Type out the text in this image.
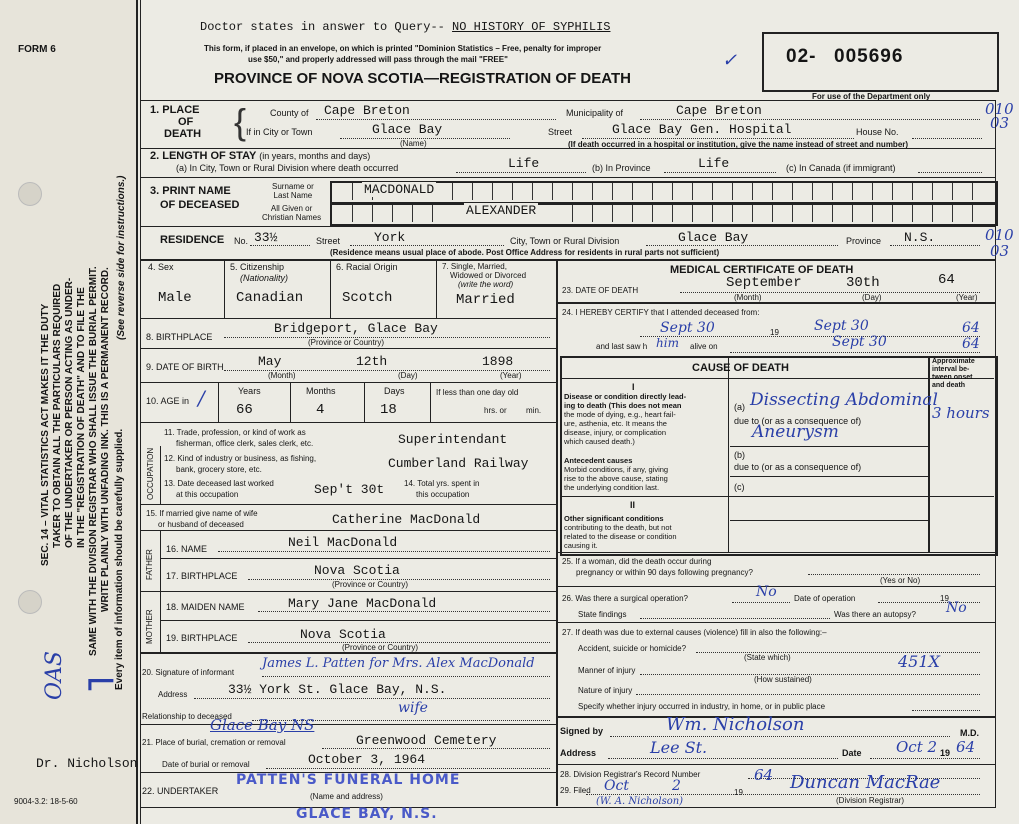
FORM 6
Doctor states in answer to Query-- NO HISTORY OF SYPHILIS
This form, if placed in an envelope, on which is printed "Dominion Statistics – Free, penalty for improper
use $50," and properly addressed will pass through the mail "FREE"
PROVINCE OF NOVA SCOTIA—REGISTRATION OF DEATH
✓	02- 005696
For use of the Department only
010
03
SEC. 14 – VITAL STATISTICS ACT MAKES IT THE DUTY TAKER TO OBTAIN ALL THE PARTICULARS REQUIRED OF THE UNDERTAKER OR PERSON ACTING AS UNDER- IN THE "REGISTRATION OF DEATH" AND TO FILE THE SAME WITH THE DIVISION REGISTRAR WHO SHALL ISSUE THE BURIAL PERMIT. WRITE PLAINLY WITH UNFADING INK. THIS IS A PERMANENT RECORD. Every item of information should be carefully supplied.
(See reverse side for instructions.)
OAS ⌐
Dr. Nicholson
9004-3.2: 18-5-60
1. PLACE
OF
DEATH {	County of Cape Breton	Municipality of	Cape Breton
If in City or Town	Glace Bay
(Name)
Street	Glace Bay Gen. Hospital	House No.
(If death occurred in a hospital or institution, give the name instead of street and number)
2. LENGTH OF STAY (in years, months and days)
(a) In City, Town or Rural Division where death occurred	Life	(b) In Province	Life	(c) In Canada (if immigrant)
3. PRINT NAME
OF DECEASED
Surname or
Last Name
All Given or
Christian Names
MACDONALD
ALEXANDER
RESIDENCE No. 33½	Street	York	City, Town or Rural Division	Glace Bay	Province N.S.
(Residence means usual place of abode. Post Office Address for residents in rural parts not sufficient)
010
03
4. Sex
Male
5. Citizenship
(Nationality)
Canadian
6. Racial Origin
Scotch
7. Single, Married,
Widowed or Divorced
(write the word)
Married
8. BIRTHPLACE
Bridgeport, Glace Bay
(Province or Country)
9. DATE OF BIRTH	May	12th	1898
(Month)	(Day)	(Year)
10. AGE in /	Years	Months	Days
66	4	18
If less than one day old
hrs. or min.
OCCUPATION
11. Trade, profession, or kind of work as
fisherman, office clerk, sales clerk, etc.	Superintendant
12. Kind of industry or business, as fishing,
bank, grocery store, etc.	Cumberland Railway
13. Date deceased last worked
at this occupation	Sep't 30t 14. Total yrs. spent in
this occupation
15. If married give name of wife
or husband of deceased	Catherine MacDonald
FATHER
16. NAME	Neil MacDonald
17. BIRTHPLACE	Nova Scotia
(Province or Country)
MOTHER
18. MAIDEN NAME	Mary Jane MacDonald
19. BIRTHPLACE	Nova Scotia
(Province or Country)
20. Signature of informant
James L. Patten for Mrs. Alex MacDonald
Address	33½ York St. Glace Bay, N.S.
wife
Relationship to deceased
Glace Bay NS
21. Place of burial, cremation or removal	Greenwood Cemetery
Date of burial or removal	October 3, 1964
22. UNDERTAKER
PATTEN'S FUNERAL HOME
(Name and address)
GLACE BAY, N.S.
MEDICAL CERTIFICATE OF DEATH
23. DATE OF DEATH	September	30th	64
(Month)	(Day)	(Year)
24. I HEREBY CERTIFY that I attended deceased from:
Sept 30	19	Sept 30	64
and last saw h him alive on	Sept 30	64
CAUSE OF DEATH
Approximate
interval be-
tween onset
and death
I
Disease or condition directly lead-
ing to death (This does not mean
the mode of dying, e.g., heart fail-
ure, asthenia, etc. It means the
disease, injury, or complication
which caused death.)
(a) Dissecting Abdominal
due to (or as a consequence of)
Aneurysm
3 hours
Antecedent causes
Morbid conditions, if any, giving
rise to the above cause, stating
the underlying condition last.
(b)
due to (or as a consequence of)
(c)
II
Other significant conditions
contributing to the death, but not
related to the disease or condition
causing it.
25. If a woman, did the death occur during
pregnancy or within 90 days following pregnancy?
(Yes or No)
26. Was there a surgical operation?	No Date of operation	19
State findings	Was there an autopsy? No
27. If death was due to external causes (violence) fill in also the following:–
Accident, suicide or homicide?
(State which)
Manner of injury	451X
(How sustained)
Nature of injury
Specify whether injury occurred in industry, in home, or in public place
Signed by	Wm. Nicholson	M.D.
Address	Lee St.	Date Oct 2 19 64
28. Division Registrar's Record Number
29. Filed Oct	2	19
64 Duncan MacRae
(W. A. Nicholson)	(Division Registrar)
